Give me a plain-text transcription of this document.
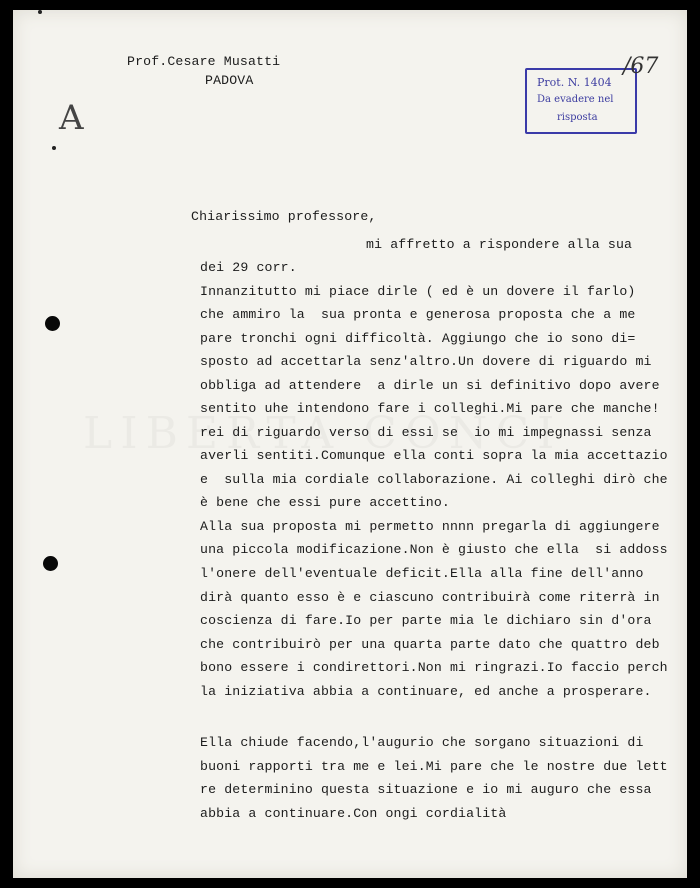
Prof.Cesare Musatti
PADOVA
A
Prot. N. 1404
Da evadere nel
risposta
/67
Chiarissimo professore,
mi affretto a rispondere alla sua
dei 29 corr.
Innanzitutto mi piace dirle ( ed è un dovere il farlo)
che ammiro la  sua pronta e generosa proposta che a me
pare tronchi ogni difficoltà. Aggiungo che io sono di=
sposto ad accettarla senz'altro.Un dovere di riguardo mi
obbliga ad attendere  a dirle un si definitivo dopo avere
sentito uhe intendono fare i colleghi.Mi pare che manche!
rei di riguardo verso di essi se  io mi impegnassi senza
averli sentiti.Comunque ella conti sopra la mia accettazio
e  sulla mia cordiale collaborazione. Ai colleghi dirò che
è bene che essi pure accettino.
Alla sua proposta mi permetto nnnn pregarla di aggiungere
una piccola modificazione.Non è giusto che ella  si addoss
l'onere dell'eventuale deficit.Ella alla fine dell'anno
dirà quanto esso è e ciascuno contribuirà come riterrà in
coscienza di fare.Io per parte mia le dichiaro sin d'ora
che contribuirò per una quarta parte dato che quattro deb
bono essere i condirettori.Non mi ringrazi.Io faccio perch
la iniziativa abbia a continuare, ed anche a prosperare.
Ella chiude facendo,l'augurio che sorgano situazioni di
buoni rapporti tra me e lei.Mi pare che le nostre due lett
re determinino questa situazione e io mi auguro che essa
abbia a continuare.Con ongi cordialità
